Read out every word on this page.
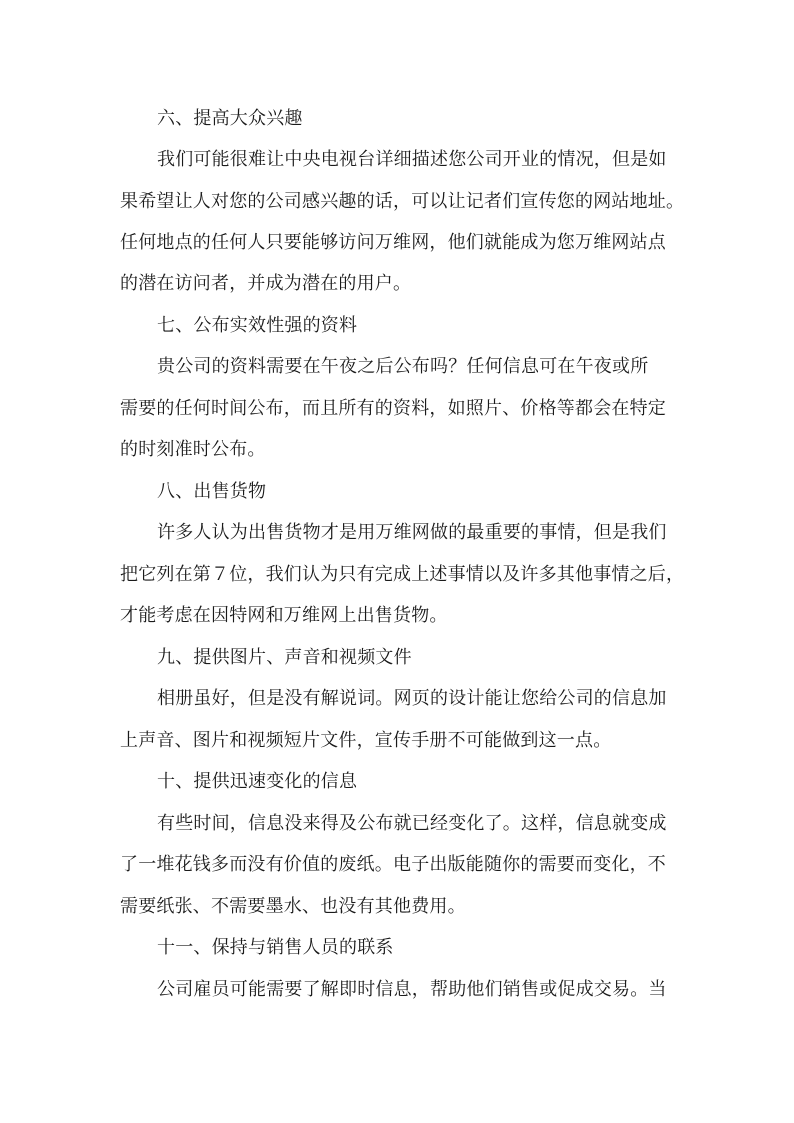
六、提高大众兴趣
我们可能很难让中央电视台详细描述您公司开业的情况，但是如
果希望让人对您的公司感兴趣的话，可以让记者们宣传您的网站地址。
任何地点的任何人只要能够访问万维网，他们就能成为您万维网站点
的潜在访问者，并成为潜在的用户。
七、公布实效性强的资料
贵公司的资料需要在午夜之后公布吗？任何信息可在午夜或所
需要的任何时间公布，而且所有的资料，如照片、价格等都会在特定
的时刻准时公布。
八、出售货物
许多人认为出售货物才是用万维网做的最重要的事情，但是我们
把它列在第７位，我们认为只有完成上述事情以及许多其他事情之后，
才能考虑在因特网和万维网上出售货物。
九、提供图片、声音和视频文件
相册虽好，但是没有解说词。网页的设计能让您给公司的信息加
上声音、图片和视频短片文件，宣传手册不可能做到这一点。
十、提供迅速变化的信息
有些时间，信息没来得及公布就已经变化了。这样，信息就变成
了一堆花钱多而没有价值的废纸。电子出版能随你的需要而变化，不
需要纸张、不需要墨水、也没有其他费用。
十一、保持与销售人员的联系
公司雇员可能需要了解即时信息，帮助他们销售或促成交易。当
